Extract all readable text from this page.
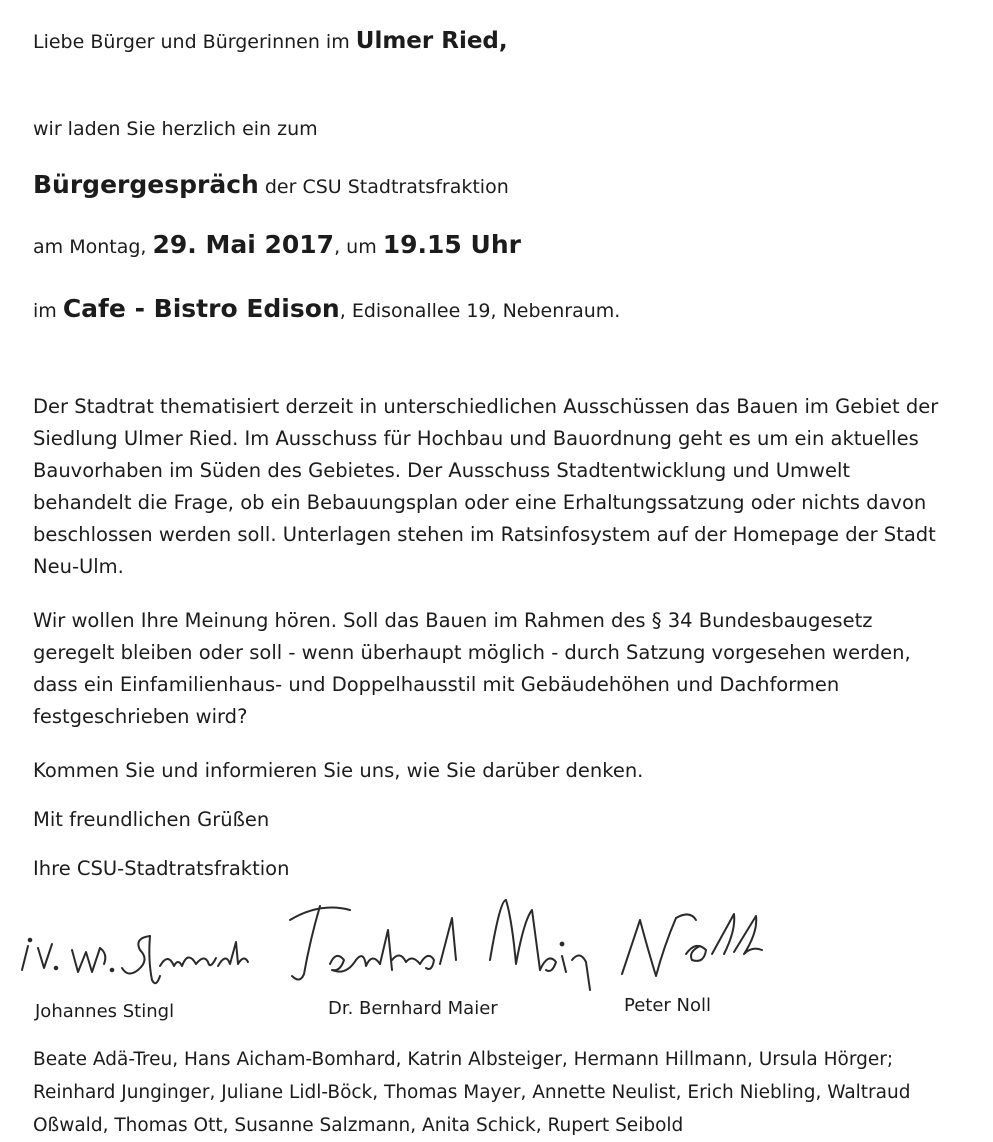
Liebe Bürger und Bürgerinnen im Ulmer Ried,
wir laden Sie herzlich ein zum
Bürgergespräch der CSU Stadtratsfraktion
am Montag, 29. Mai 2017, um 19.15 Uhr
im Cafe - Bistro Edison, Edisonallee 19, Nebenraum.
Der Stadtrat thematisiert derzeit in unterschiedlichen Ausschüssen das Bauen im Gebiet der
Siedlung Ulmer Ried. Im Ausschuss für Hochbau und Bauordnung geht es um ein aktuelles
Bauvorhaben im Süden des Gebietes. Der Ausschuss Stadtentwicklung und Umwelt
behandelt die Frage, ob ein Bebauungsplan oder eine Erhaltungssatzung oder nichts davon
beschlossen werden soll. Unterlagen stehen im Ratsinfosystem auf der Homepage der Stadt
Neu-Ulm.
Wir wollen Ihre Meinung hören. Soll das Bauen im Rahmen des § 34 Bundesbaugesetz
geregelt bleiben oder soll - wenn überhaupt möglich - durch Satzung vorgesehen werden,
dass ein Einfamilienhaus- und Doppelhausstil mit Gebäudehöhen und Dachformen
festgeschrieben wird?
Kommen Sie und informieren Sie uns, wie Sie darüber denken.
Mit freundlichen Grüßen
Ihre CSU-Stadtratsfraktion
Johannes Stingl	Dr. Bernhard Maier	Peter Noll
Beate Adä-Treu, Hans Aicham-Bomhard, Katrin Albsteiger, Hermann Hillmann, Ursula Hörger;
Reinhard Junginger, Juliane Lidl-Böck, Thomas Mayer, Annette Neulist, Erich Niebling, Waltraud
Oßwald, Thomas Ott, Susanne Salzmann, Anita Schick, Rupert Seibold
